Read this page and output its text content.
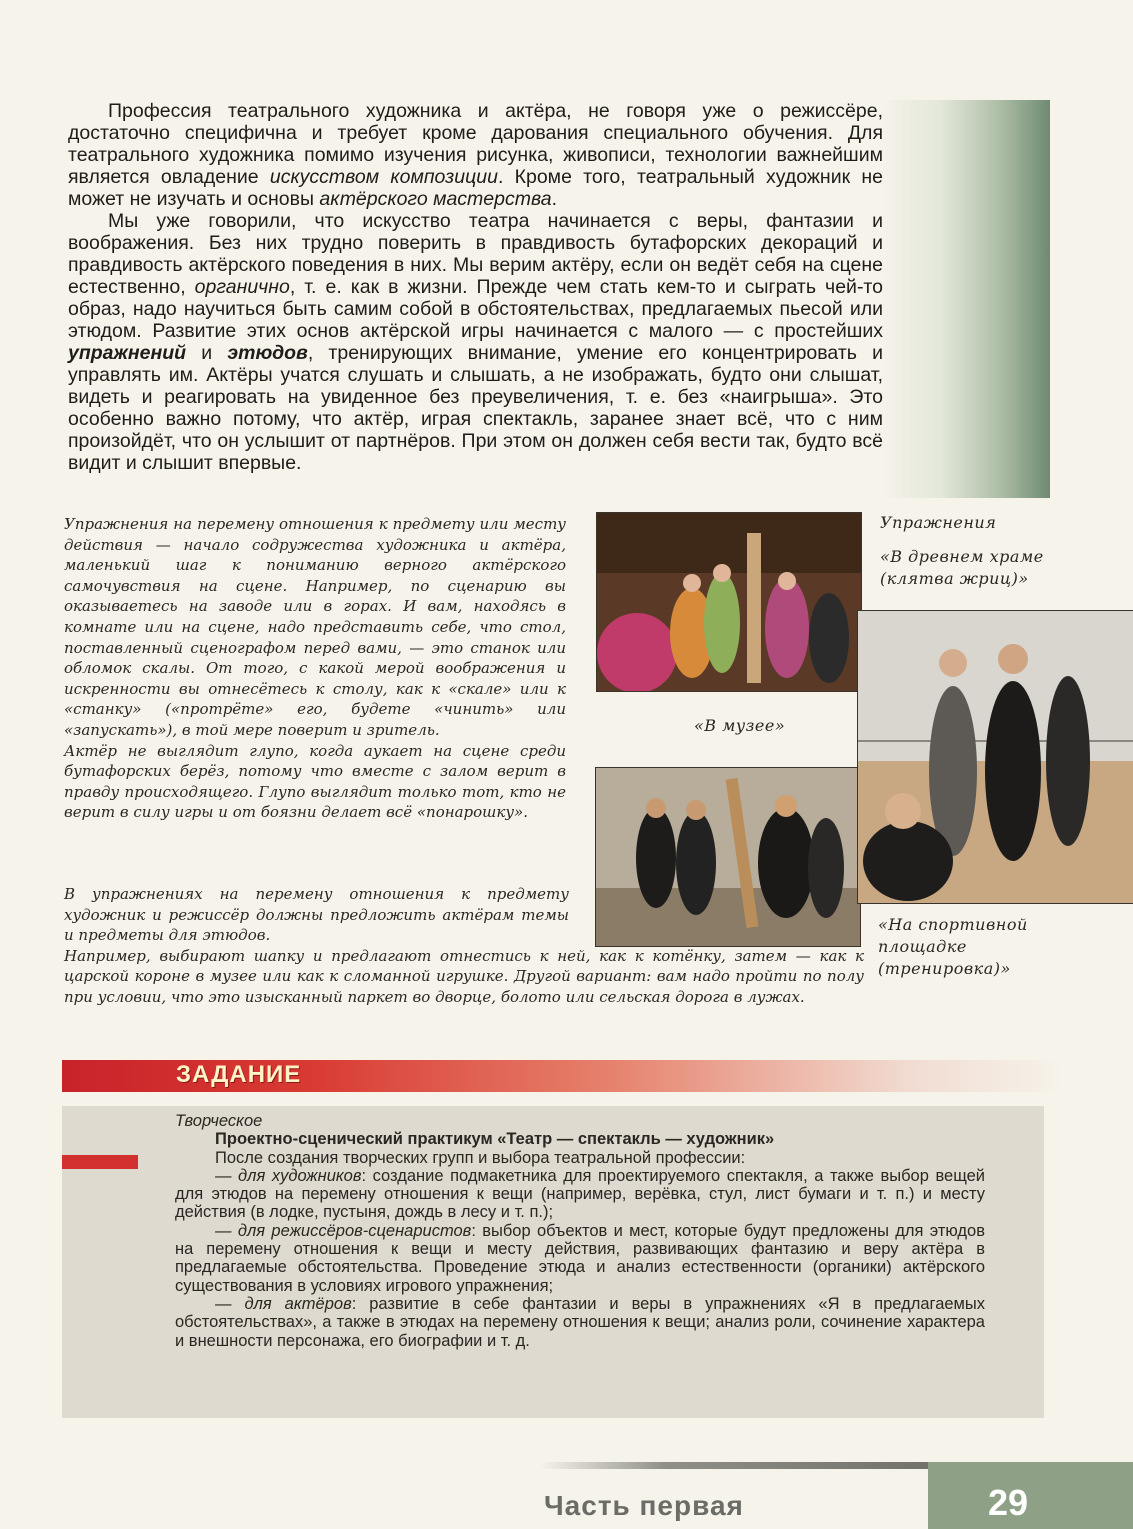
Профессия театрального художника и актёра, не говоря уже о режиссёре, достаточно специфична и требует кроме дарования специального обучения. Для театрального художника помимо изучения рисунка, живописи, технологии важнейшим является овладение искусством композиции. Кроме того, театральный художник не может не изучать и основы актёрского мастерства.

Мы уже говорили, что искусство театра начинается с веры, фантазии и воображения. Без них трудно поверить в правдивость бутафорских декораций и правдивость актёрского поведения в них. Мы верим актёру, если он ведёт себя на сцене естественно, органично, т. е. как в жизни. Прежде чем стать кем-то и сыграть чей-то образ, надо научиться быть самим собой в обстоятельствах, предлагаемых пьесой или этюдом. Развитие этих основ актёрской игры начинается с малого — с простейших упражнений и этюдов, тренирующих внимание, умение его концентрировать и управлять им. Актёры учатся слушать и слышать, а не изображать, будто они слышат, видеть и реагировать на увиденное без преувеличения, т. е. без «наигрыша». Это особенно важно потому, что актёр, играя спектакль, заранее знает всё, что с ним произойдёт, что он услышит от партнёров. При этом он должен себя вести так, будто всё видит и слышит впервые.

Упражнения на перемену отношения к предмету или месту действия — начало содружества художника и актёра, маленький шаг к пониманию верного актёрского самочувствия на сцене. Например, по сценарию вы оказываетесь на заводе или в горах. И вам, находясь в комнате или на сцене, надо представить себе, что стол, поставленный сценографом перед вами, — это станок или обломок скалы. От того, с какой мерой воображения и искренности вы отнесётесь к столу, как к «скале» или к «станку» («протрёте» его, будете «чинить» или «запускать»), в той мере поверит и зритель.

Актёр не выглядит глупо, когда аукает на сцене среди бутафорских берёз, потому что вместе с залом верит в правду происходящего. Глупо выглядит только тот, кто не верит в силу игры и от боязни делает всё «понарошку».

В упражнениях на перемену отношения к предмету художник и режиссёр должны предложить актёрам темы и предметы для этюдов.

Например, выбирают шапку и предлагают отнестись к ней, как к котёнку, затем — как к царской короне в музее или как к сломанной игрушке. Другой вариант: вам надо пройти по полу при условии, что это изысканный паркет во дворце, болото или сельская дорога в лужах.

Упражнения
«В древнем храме (клятва жриц)»
«В музее»
«На спортивной
площадке
(тренировка)»
ЗАДАНИЕ

Творческое

Проектно-сценический практикум «Театр — спектакль — художник»

После создания творческих групп и выбора театральной профессии:

— для художников: создание подмакетника для проектируемого спектакля, а также выбор вещей для этюдов на перемену отношения к вещи (например, верёвка, стул, лист бумаги и т. п.) и месту действия (в лодке, пустыня, дождь в лесу и т. п.);

— для режиссёров-сценаристов: выбор объектов и мест, которые будут предложены для этюдов на перемену отношения к вещи и месту действия, развивающих фантазию и веру актёра в предлагаемые обстоятельства. Проведение этюда и анализ естественности (органики) актёрского существования в условиях игрового упражнения;

— для актёров: развитие в себе фантазии и веры в упражнениях «Я в предлагаемых обстоятельствах», а также в этюдах на перемену отношения к вещи; анализ роли, сочинение характера и внешности персонажа, его биографии и т. д.

Часть первая	29
